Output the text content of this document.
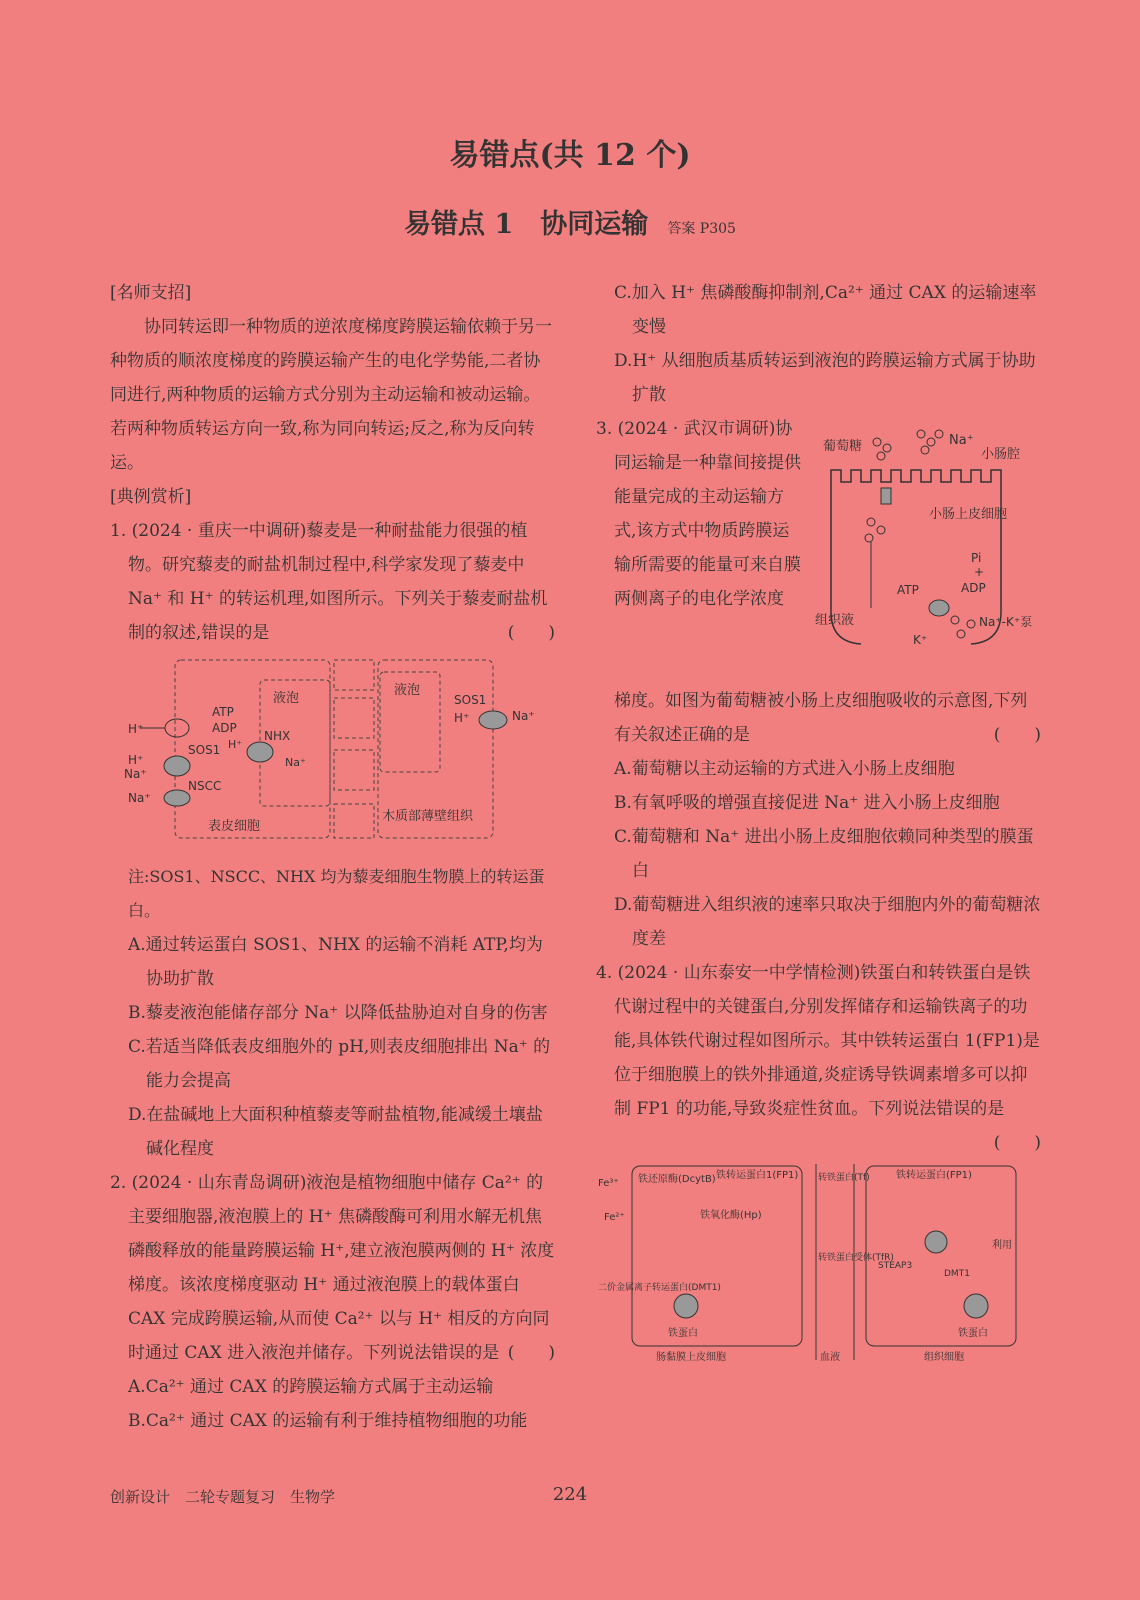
易错点(共 12 个)
易错点 1　协同运输 答案 P305

[名师支招]

协同转运即一种物质的逆浓度梯度跨膜运输依赖于另一种物质的顺浓度梯度的跨膜运输产生的电化学势能,二者协同进行,两种物质的运输方式分别为主动运输和被动运输。若两种物质转运方向一致,称为同向转运;反之,称为反向转运。

[典例赏析]

1. (2024 · 重庆一中调研)藜麦是一种耐盐能力很强的植物。研究藜麦的耐盐机制过程中,科学家发现了藜麦中 Na⁺ 和 H⁺ 的转运机理,如图所示。下列关于藜麦耐盐机制的叙述,错误的是	(　　)

液泡
液泡
表皮细胞
木质部薄壁组织
H⁺
ATP
ADP
SOS1
H⁺
Na⁺
NSCC
Na⁺
NHX
H⁺
Na⁺
SOS1
H⁺	Na⁺

注:SOS1、NSCC、NHX 均为藜麦细胞生物膜上的转运蛋白。

A.通过转运蛋白 SOS1、NHX 的运输不消耗 ATP,均为协助扩散

B.藜麦液泡能储存部分 Na⁺ 以降低盐胁迫对自身的伤害

C.若适当降低表皮细胞外的 pH,则表皮细胞排出 Na⁺ 的能力会提高

D.在盐碱地上大面积种植藜麦等耐盐植物,能减缓土壤盐碱化程度

2. (2024 · 山东青岛调研)液泡是植物细胞中储存 Ca²⁺ 的主要细胞器,液泡膜上的 H⁺ 焦磷酸酶可利用水解无机焦磷酸释放的能量跨膜运输 H⁺,建立液泡膜两侧的 H⁺ 浓度梯度。该浓度梯度驱动 H⁺ 通过液泡膜上的载体蛋白 CAX 完成跨膜运输,从而使 Ca²⁺ 以与 H⁺ 相反的方向同时通过 CAX 进入液泡并储存。下列说法错误的是 (　　)

A.Ca²⁺ 通过 CAX 的跨膜运输方式属于主动运输

B.Ca²⁺ 通过 CAX 的运输有利于维持植物细胞的功能

C.加入 H⁺ 焦磷酸酶抑制剂,Ca²⁺ 通过 CAX 的运输速率变慢

D.H⁺ 从细胞质基质转运到液泡的跨膜运输方式属于协助扩散

3. (2024 · 武汉市调研)协同运输是一种靠间接提供能量完成的主动运输方式,该方式中物质跨膜运输所需要的能量可来自膜两侧离子的电化学浓度

葡萄糖	Na⁺
小肠腔
小肠上皮细胞
Pi
+
ATP	ADP
组织液
K⁺
Na⁺-K⁺泵

梯度。如图为葡萄糖被小肠上皮细胞吸收的示意图,下列有关叙述正确的是	(　　)

A.葡萄糖以主动运输的方式进入小肠上皮细胞

B.有氧呼吸的增强直接促进 Na⁺ 进入小肠上皮细胞

C.葡萄糖和 Na⁺ 进出小肠上皮细胞依赖同种类型的膜蛋白

D.葡萄糖进入组织液的速率只取决于细胞内外的葡萄糖浓度差

4. (2024 · 山东泰安一中学情检测)铁蛋白和转铁蛋白是铁代谢过程中的关键蛋白,分别发挥储存和运输铁离子的功能,具体铁代谢过程如图所示。其中铁转运蛋白 1(FP1)是位于细胞膜上的铁外排通道,炎症诱导铁调素增多可以抑制 FP1 的功能,导致炎症性贫血。下列说法错误的是
(　　)

Fe³⁺
Fe²⁺
铁还原酶(DcytB) 铁转运蛋白1(FP1)
铁氧化酶(Hp)
二价金属离子转运蛋白(DMT1)
铁蛋白
转铁蛋白(Tf)
转铁蛋白受体(TfR)
铁转运蛋白(FP1)
STEAP3
DMT1
利用
铁蛋白
肠黏膜上皮细胞	血液	组织细胞
创新设计　二轮专题复习　生物学	224
